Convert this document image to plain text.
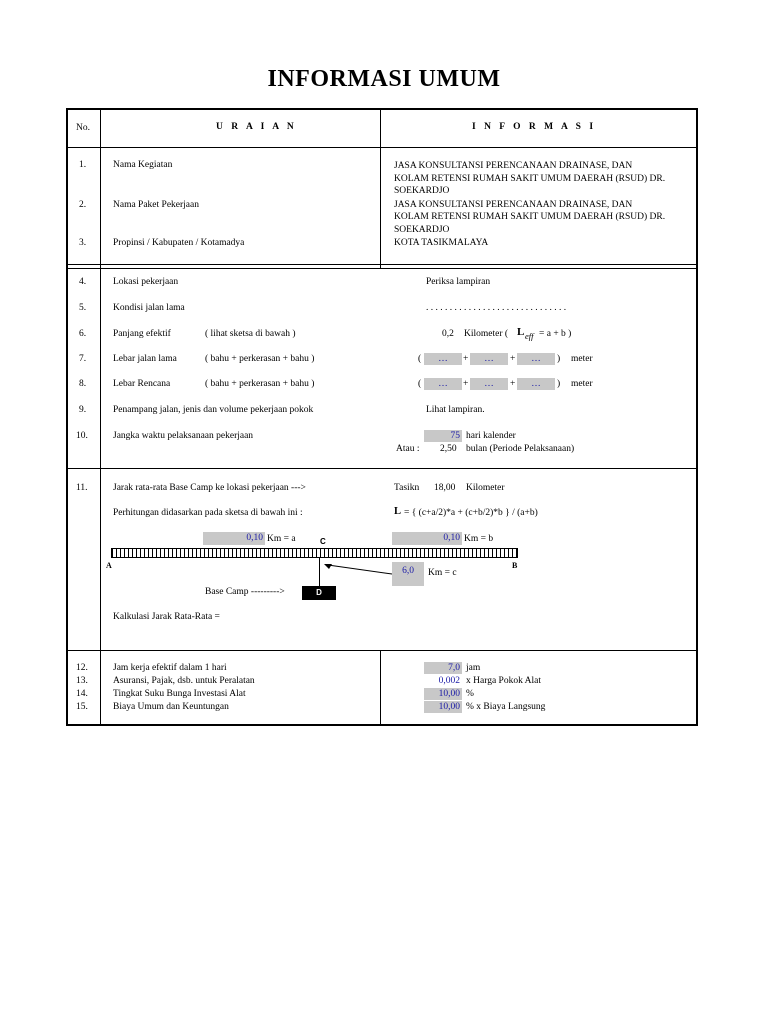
INFORMASI UMUM
No.	U R A I A N	I N F O R M A S I
1.	Nama Kegiatan	JASA KONSULTANSI PERENCANAAN DRAINASE, DAN
KOLAM RETENSI RUMAH SAKIT UMUM DAERAH (RSUD) DR.
SOEKARDJO
2.	Nama Paket Pekerjaan	JASA KONSULTANSI PERENCANAAN DRAINASE, DAN
KOLAM RETENSI RUMAH SAKIT UMUM DAERAH (RSUD) DR.
SOEKARDJO
3.	Propinsi / Kabupaten / Kotamadya	KOTA TASIKMALAYA
4.	Lokasi pekerjaan	Periksa lampiran
5.	Kondisi jalan lama	. . . . . . . . . . . . . . . . . . . . . . . . . . . . . .
6.	Panjang efektif	( lihat sketsa di bawah )	0,2 Kilometer ( L eff = a + b )
7.	Lebar jalan lama	( bahu + perkerasan + bahu )	(	…	+	…	+	…	) meter
8.	Lebar Rencana	( bahu + perkerasan + bahu )	(	…	+	…	+	…	) meter
9.	Penampang jalan, jenis dan volume pekerjaan pokok	Lihat lampiran.
10.	Jangka waktu pelaksanaan pekerjaan	75 hari kalender
Atau : 2,50 bulan (Periode Pelaksanaan)
11.	Jarak rata-rata Base Camp ke lokasi pekerjaan --->	Tasikn 18,00 Kilometer
Perhitungan didasarkan pada sketsa di bawah ini :	L = { (c+a/2)*a + (c+b/2)*b } / (a+b)
0,10 Km = a	C	0,10 Km = b
A	B
6,0	Km = c
Base Camp --------->	D
Kalkulasi Jarak Rata-Rata =
12.	Jam kerja efektif dalam 1 hari	7,0 jam
13.	Asuransi, Pajak, dsb. untuk Peralatan	0,002 x Harga Pokok Alat
14.	Tingkat Suku Bunga Investasi Alat	10,00 %
15.	Biaya Umum dan Keuntungan	10,00 % x Biaya Langsung
